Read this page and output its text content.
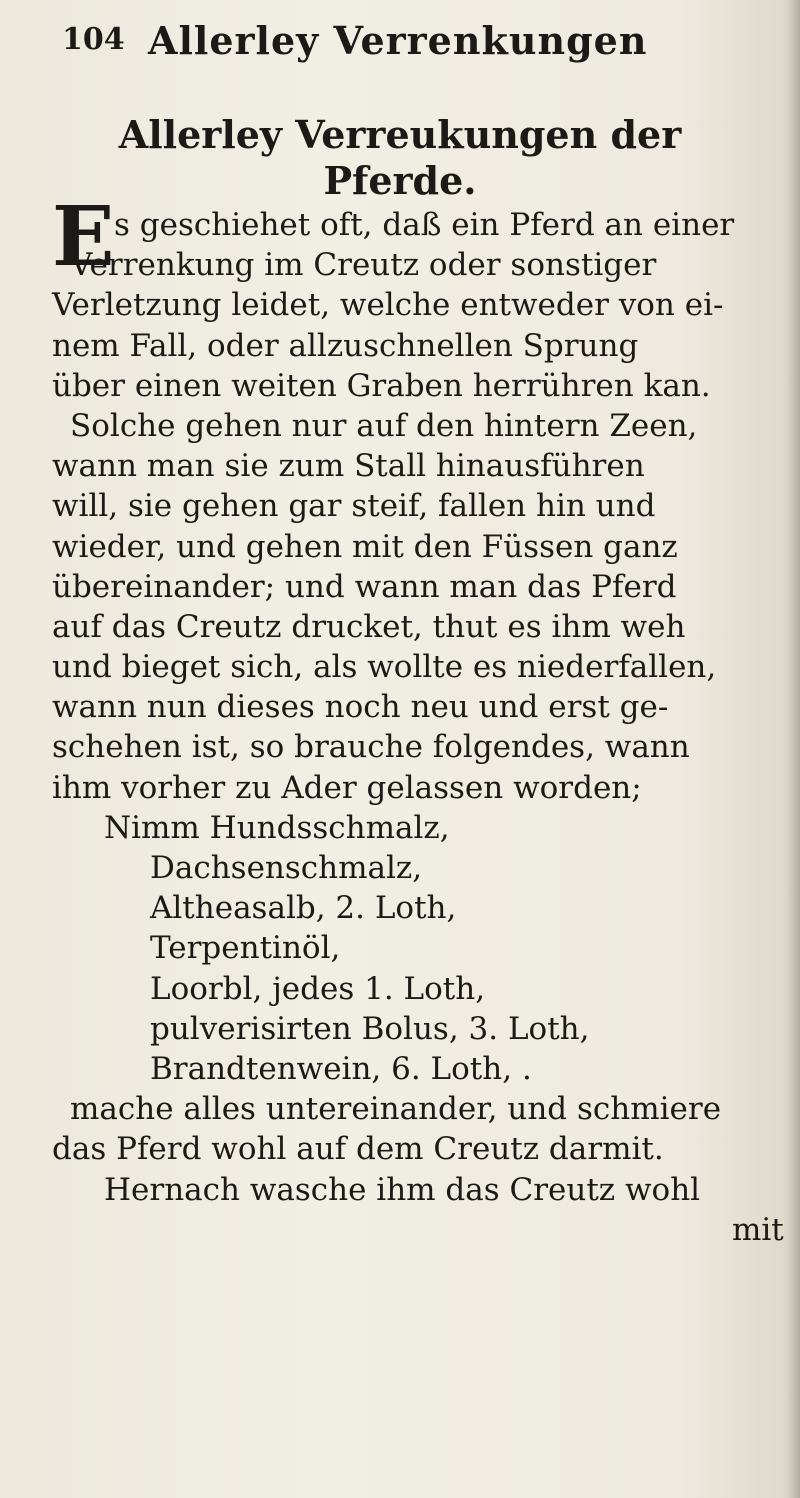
104 Allerley Verrenkungen
Allerley Verreukungen der
Pferde.
E s geschiehet oft, daß ein Pferd an einer
Verrenkung im Creutz oder sonstiger
Verletzung leidet, welche entweder von ei-
nem Fall, oder allzuschnellen Sprung
über einen weiten Graben herrühren kan.
Solche gehen nur auf den hintern Zeen,
wann man sie zum Stall hinausführen
will, sie gehen gar steif, fallen hin und
wieder, und gehen mit den Füssen ganz
übereinander; und wann man das Pferd
auf das Creutz drucket, thut es ihm weh
und bieget sich, als wollte es niederfallen,
wann nun dieses noch neu und erst ge-
schehen ist, so brauche folgendes, wann
ihm vorher zu Ader gelassen worden;
Nimm Hundsschmalz,
Dachsenschmalz,
Altheasalb, 2. Loth,
Terpentinöl,
Loorbl, jedes 1. Loth,
pulverisirten Bolus, 3. Loth,
Brandtenwein, 6. Loth, .
mache alles untereinander, und schmiere
das Pferd wohl auf dem Creutz darmit.
Hernach wasche ihm das Creutz wohl
mit
